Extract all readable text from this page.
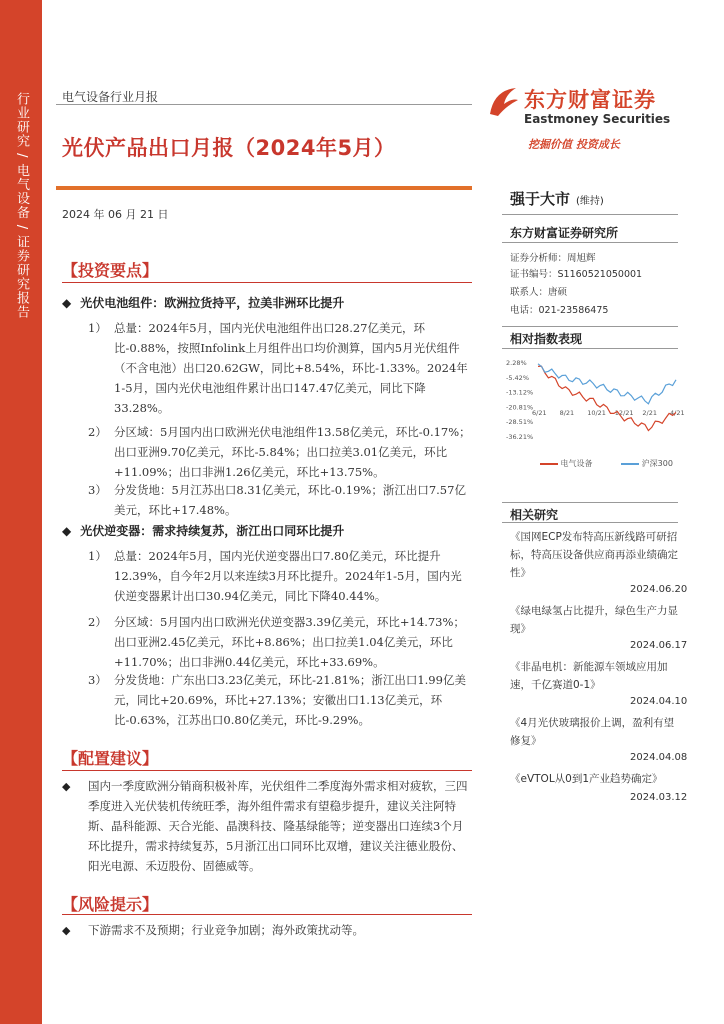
行业研究 / 电气设备 / 证券研究报告	电气设备行业月报
光伏产品出口月报（2024年5月）
2024 年 06 月 21 日
东方财富证券
Eastmoney Securities
挖掘价值 投资成长
强于大市 (维持)
东方财富证券研究所
证券分析师：周旭辉
证书编号：S1160521050001
联系人：唐硕
电话：021-23586475
相对指数表现
2.28%
-5.42%
-13.12%
-20.81%
-28.51%
-36.21%
6/21 8/21 10/21 12/21 2/21 4/21
电气设备	沪深300
相关研究
《国网ECP发布特高压新线路可研招标，特高压设备供应商再添业绩确定性》
2024.06.20
《绿电绿氢占比提升，绿色生产力显现》
2024.06.17
《非晶电机：新能源车领域应用加速，千亿赛道0-1》
2024.04.10
《4月光伏玻璃报价上调，盈利有望修复》
2024.04.08
《eVTOL从0到1产业趋势确定》
2024.03.12
【投资要点】
◆ 光伏电池组件：欧洲拉货持平，拉美非洲环比提升
1） 总量：2024年5月，国内光伏电池组件出口28.27亿美元，环比-0.88%，按照Infolink上月组件出口均价测算，国内5月光伏组件（不含电池）出口20.62GW，同比+8.54%，环比-1.33%。2024年1-5月，国内光伏电池组件累计出口147.47亿美元，同比下降33.28%。
2） 分区域：5月国内出口欧洲光伏电池组件13.58亿美元，环比-0.17%；出口亚洲9.70亿美元，环比-5.84%；出口拉美3.01亿美元，环比+11.09%；出口非洲1.26亿美元，环比+13.75%。
3） 分发货地：5月江苏出口8.31亿美元，环比-0.19%；浙江出口7.57亿美元，环比+17.48%。
◆ 光伏逆变器：需求持续复苏，浙江出口同环比提升
1） 总量：2024年5月，国内光伏逆变器出口7.80亿美元，环比提升12.39%，自今年2月以来连续3月环比提升。2024年1-5月，国内光伏逆变器累计出口30.94亿美元，同比下降40.44%。
2） 分区域：5月国内出口欧洲光伏逆变器3.39亿美元，环比+14.73%；出口亚洲2.45亿美元，环比+8.86%；出口拉美1.04亿美元，环比+11.70%；出口非洲0.44亿美元，环比+33.69%。
3） 分发货地：广东出口3.23亿美元，环比-21.81%；浙江出口1.99亿美元，同比+20.69%，环比+27.13%；安徽出口1.13亿美元，环比-0.63%，江苏出口0.80亿美元，环比-9.29%。
【配置建议】
◆ 国内一季度欧洲分销商积极补库，光伏组件二季度海外需求相对疲软，三四季度进入光伏装机传统旺季，海外组件需求有望稳步提升，建议关注阿特斯、晶科能源、天合光能、晶澳科技、隆基绿能等；逆变器出口连续3个月环比提升，需求持续复苏，5月浙江出口同环比双增，建议关注德业股份、阳光电源、禾迈股份、固德威等。
【风险提示】
◆ 下游需求不及预期；行业竞争加剧；海外政策扰动等。
